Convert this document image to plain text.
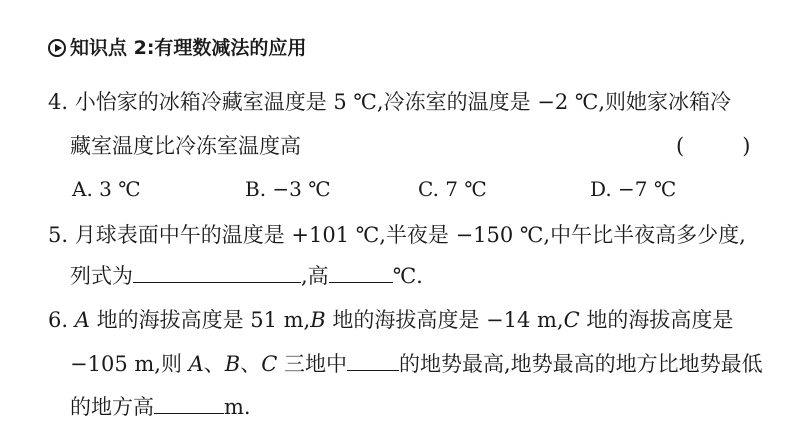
知识点 2:有理数减法的应用
4. 小怡家的冰箱冷藏室温度是 5 ℃,冷冻室的温度是 −2 ℃,则她家冰箱冷
藏室温度比冷冻室温度高	(	)
A. 3 ℃	B. −3 ℃	C. 7 ℃	D. −7 ℃
5. 月球表面中午的温度是 +101 ℃,半夜是 −150 ℃,中午比半夜高多少度,
列式为	,高	℃.
6. A 地的海拔高度是 51 m,B 地的海拔高度是 −14 m,C 地的海拔高度是
−105 m,则 A、B、C 三地中 的地势最高,地势最高的地方比地势最低
的地方高	m.
